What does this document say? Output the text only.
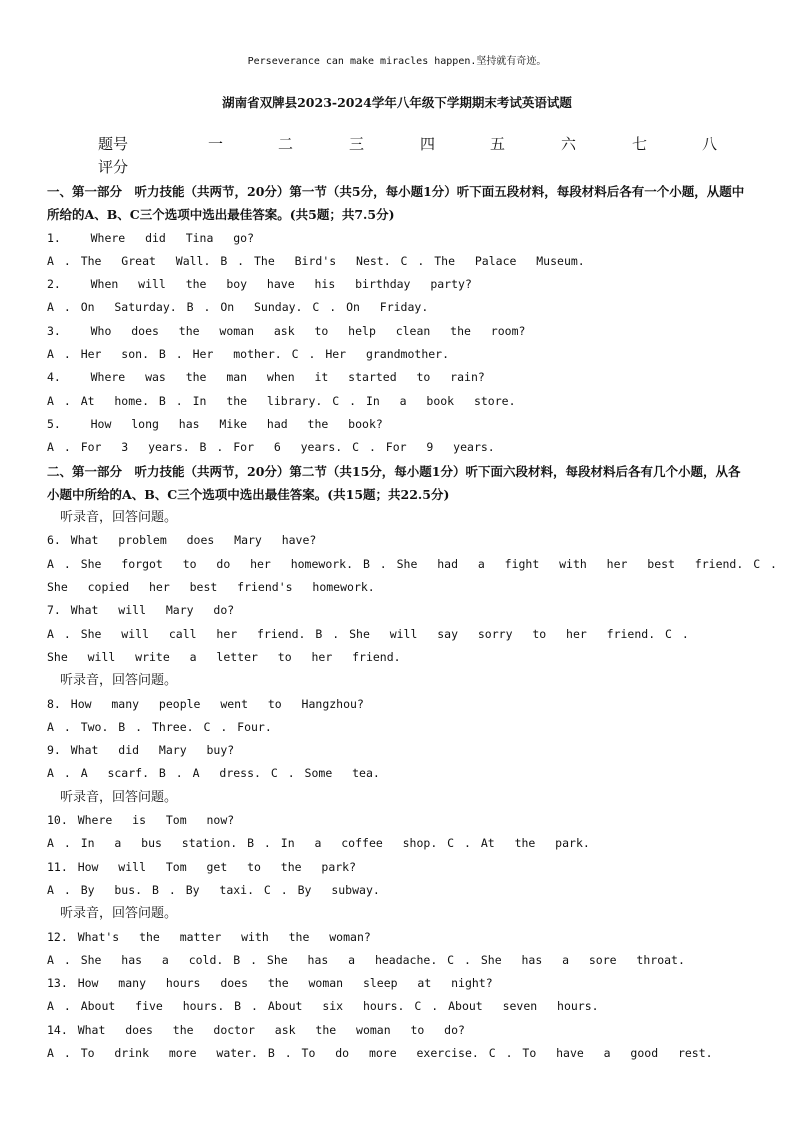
Perseverance can make miracles happen.坚持就有奇迹。
湖南省双牌县2023-2024学年八年级下学期期末考试英语试题
题号	一	二	三	四	五	六	七	八
评分
一、第一部分　听力技能（共两节，20分）第一节（共5分，每小题1分）听下面五段材料，每段材料后各有一个小题，从题中所给的A、B、C三个选项中选出最佳答案。(共5题；共7.5分)
1.   Where  did  Tina  go?
A . The  Great  Wall. B . The  Bird's  Nest. C . The  Palace  Museum.
2.   When  will  the  boy  have  his  birthday  party?
A . On  Saturday. B . On  Sunday. C . On  Friday.
3.   Who  does  the  woman  ask  to  help  clean  the  room?
A . Her  son. B . Her  mother. C . Her  grandmother.
4.   Where  was  the  man  when  it  started  to  rain?
A . At  home. B . In  the  library. C . In  a  book  store.
5.   How  long  has  Mike  had  the  book?
A . For  3  years. B . For  6  years. C . For  9  years.
二、第一部分　听力技能（共两节，20分）第二节（共15分，每小题1分）听下面六段材料，每段材料后各有几个小题，从各小题中所给的A、B、C三个选项中选出最佳答案。(共15题；共22.5分)
听录音，回答问题。
6. What  problem  does  Mary  have?
A . She  forgot  to  do  her  homework. B . She  had  a  fight  with  her  best  friend. C .
She  copied  her  best  friend's  homework.
7. What  will  Mary  do?
A . She  will  call  her  friend. B . She  will  say  sorry  to  her  friend. C .
She  will  write  a  letter  to  her  friend.
听录音，回答问题。
8. How  many  people  went  to  Hangzhou?
A . Two. B . Three. C . Four.
9. What  did  Mary  buy?
A . A  scarf. B . A  dress. C . Some  tea.
听录音，回答问题。
10. Where  is  Tom  now?
A . In  a  bus  station. B . In  a  coffee  shop. C . At  the  park.
11. How  will  Tom  get  to  the  park?
A . By  bus. B . By  taxi. C . By  subway.
听录音，回答问题。
12. What's  the  matter  with  the  woman?
A . She  has  a  cold. B . She  has  a  headache. C . She  has  a  sore  throat.
13. How  many  hours  does  the  woman  sleep  at  night?
A . About  five  hours. B . About  six  hours. C . About  seven  hours.
14. What  does  the  doctor  ask  the  woman  to  do?
A . To  drink  more  water. B . To  do  more  exercise. C . To  have  a  good  rest.
